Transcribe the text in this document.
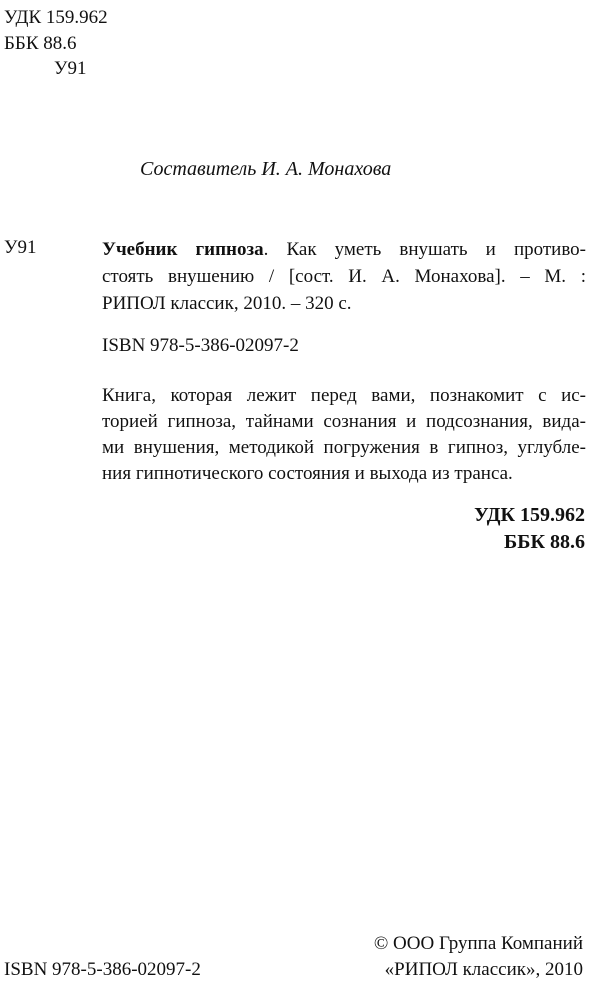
УДК 159.962
ББК 88.6
У91
Составитель И. А. Монахова
У91	Учебник гипноза. Как уметь внушать и противо-
стоять внушению / [сост. И. А. Монахова]. – М. :
РИПОЛ классик, 2010. – 320 с.
ISBN 978-5-386-02097-2
Книга, которая лежит перед вами, познакомит с ис-
торией гипноза, тайнами сознания и подсознания, вида-
ми внушения, методикой погружения в гипноз, углубле-
ния гипнотического состояния и выхода из транса.
УДК 159.962
ББК 88.6
© ООО Группа Компаний
«РИПОЛ классик», 2010
ISBN 978-5-386-02097-2
